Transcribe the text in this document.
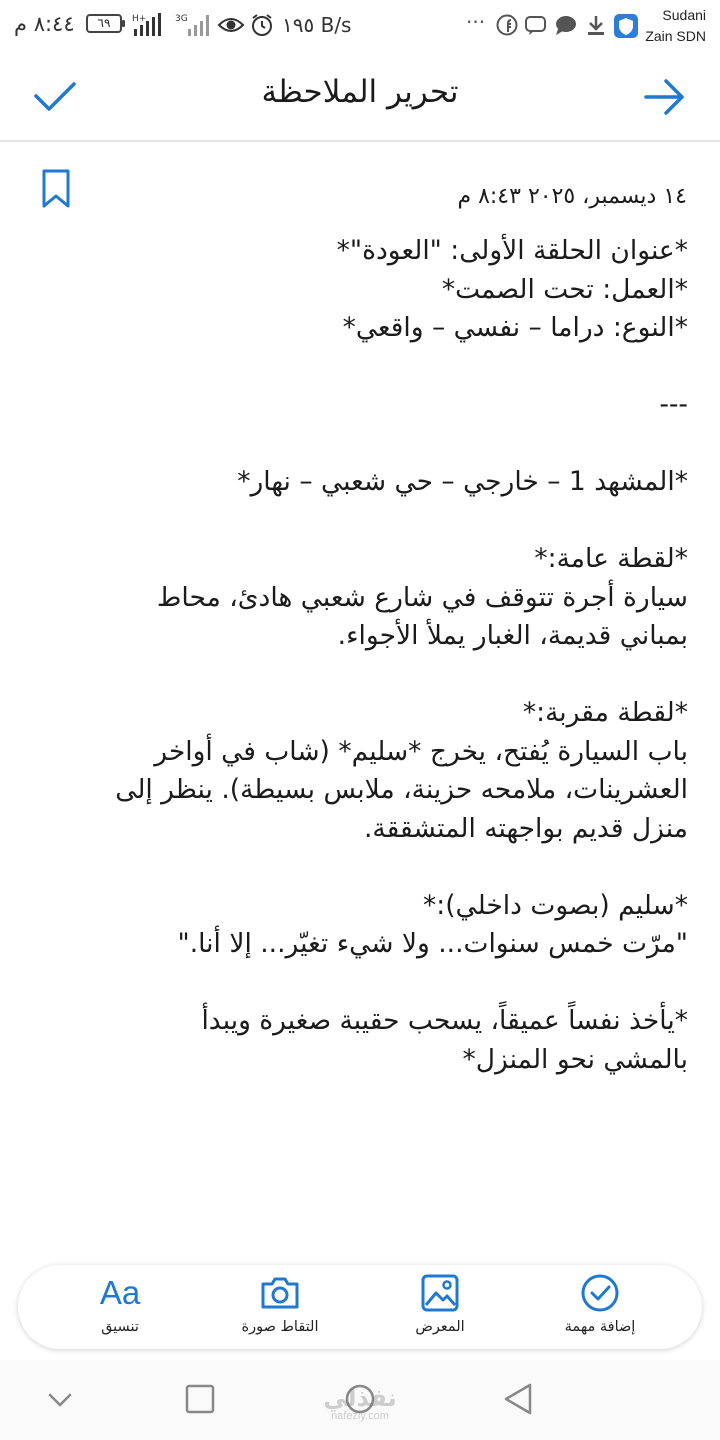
٨:٤٤ م	٦٩	H+	3G	١٩٥ B/s	···	Sudani
Zain SDN
تحرير الملاحظة
١٤ ديسمبر، ٢٠٢٥ ٨:٤٣ م
*عنوان الحلقة الأولى: "العودة"*
*العمل: تحت الصمت*
*النوع: دراما – نفسي – واقعي*
---
*المشهد 1 – خارجي – حي شعبي – نهار*
*لقطة عامة:*
سيارة أجرة تتوقف في شارع شعبي هادئ، محاط
بمباني قديمة، الغبار يملأ الأجواء.
*لقطة مقربة:*
باب السيارة يُفتح، يخرج *سليم* (شاب في أواخر
العشرينات، ملامحه حزينة، ملابس بسيطة). ينظر إلى
منزل قديم بواجهته المتشققة.
*سليم (بصوت داخلي):*
"مرّت خمس سنوات... ولا شيء تغيّر... إلا أنا."
*يأخذ نفساً عميقاً، يسحب حقيبة صغيرة ويبدأ
بالمشي نحو المنزل*
Aa
تنسيق	التقاط صورة	المعرض	إضافة مهمة
نفذلي
nafezly.com
